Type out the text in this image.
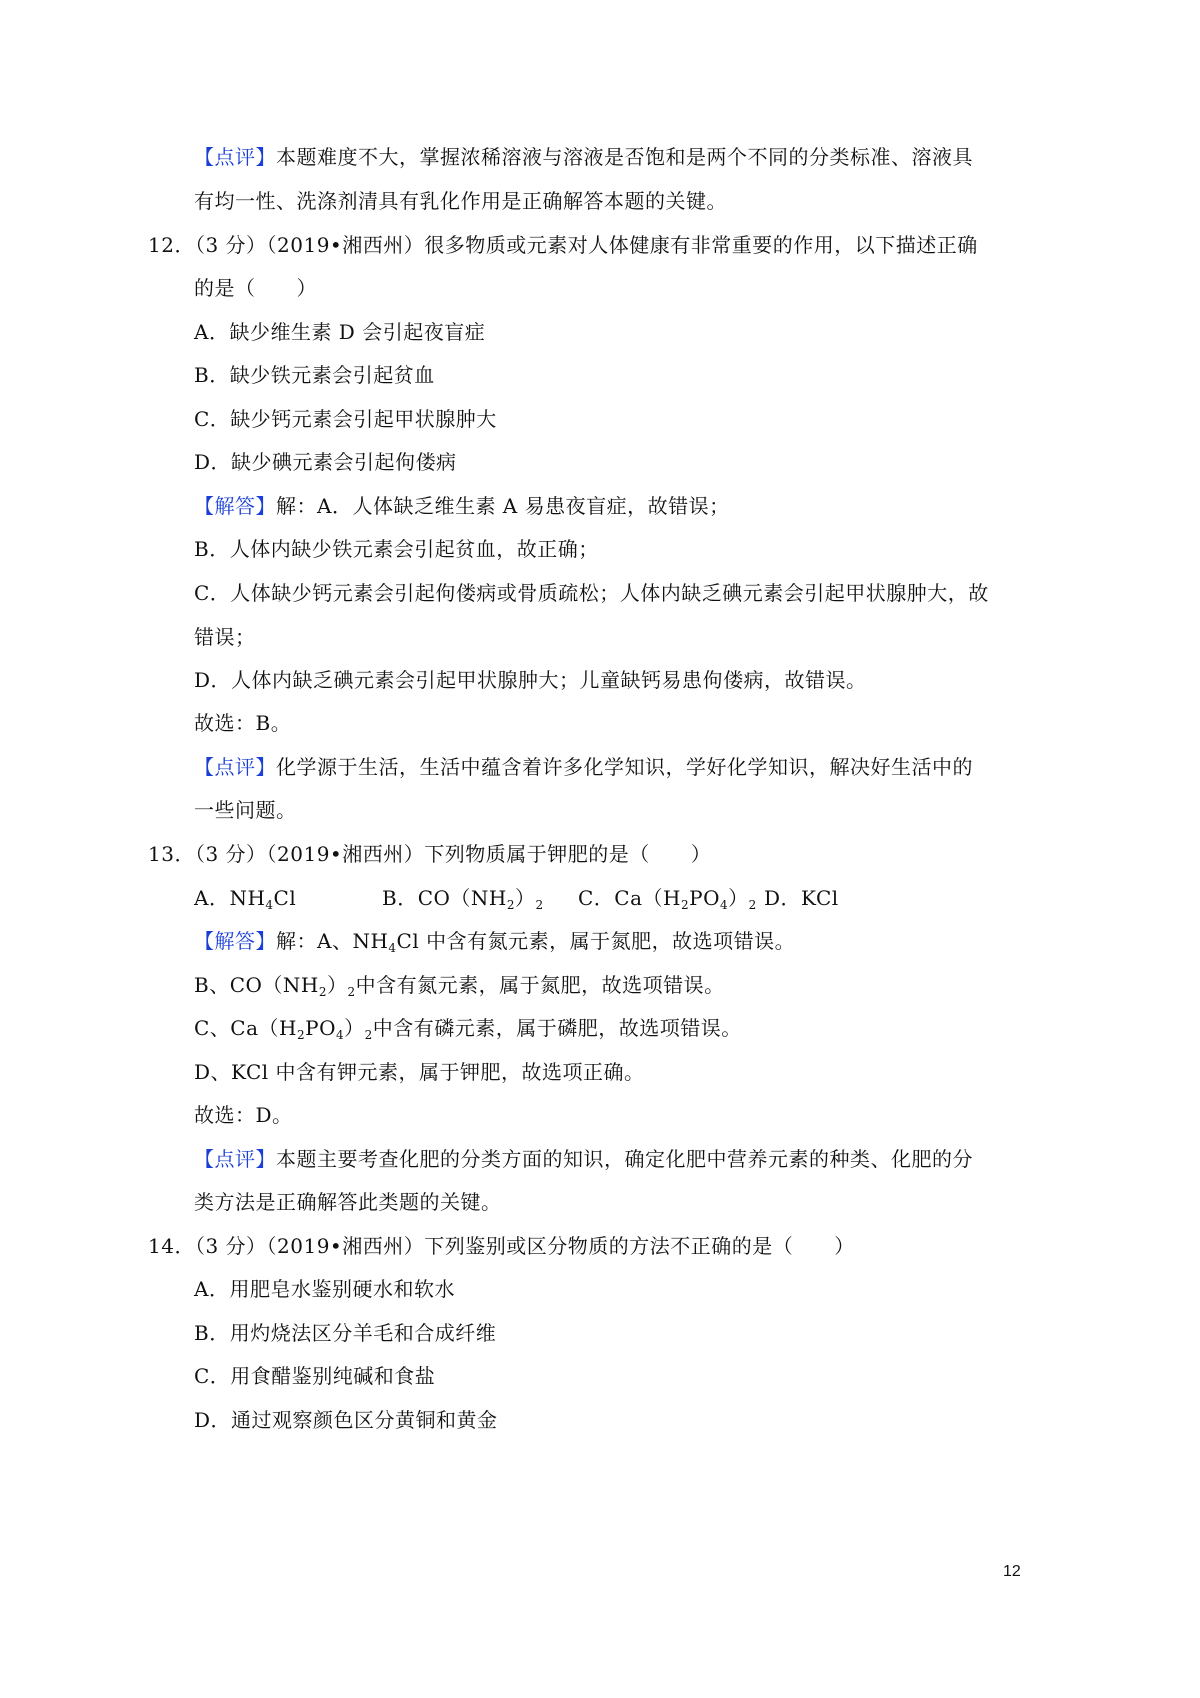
【点评】本题难度不大，掌握浓稀溶液与溶液是否饱和是两个不同的分类标准、溶液具
有均一性、洗涤剂清具有乳化作用是正确解答本题的关键。
12．（3 分）（2019•湘西州）很多物质或元素对人体健康有非常重要的作用，以下描述正确
的是（　　）
A．缺少维生素 D 会引起夜盲症
B．缺少铁元素会引起贫血
C．缺少钙元素会引起甲状腺肿大
D．缺少碘元素会引起佝偻病
【解答】解：A．人体缺乏维生素 A 易患夜盲症，故错误；
B．人体内缺少铁元素会引起贫血，故正确；
C．人体缺少钙元素会引起佝偻病或骨质疏松；人体内缺乏碘元素会引起甲状腺肿大，故
错误；
D．人体内缺乏碘元素会引起甲状腺肿大；儿童缺钙易患佝偻病，故错误。
故选：B。
【点评】化学源于生活，生活中蕴含着许多化学知识，学好化学知识，解决好生活中的
一些问题。
13．（3 分）（2019•湘西州）下列物质属于钾肥的是（　　）
A．$NH_4Cl$	B．$CO(NH_2)_2$ C．$Ca(H_2PO_4)_2$ D．KCl
【解答】解：A、$NH_4Cl$ 中含有氮元素，属于氮肥，故选项错误。
B、$CO(NH_2)_2$中含有氮元素，属于氮肥，故选项错误。
C、$Ca(H_2PO_4)_2$中含有磷元素，属于磷肥，故选项错误。
D、KCl 中含有钾元素，属于钾肥，故选项正确。
故选：D。
【点评】本题主要考查化肥的分类方面的知识，确定化肥中营养元素的种类、化肥的分
类方法是正确解答此类题的关键。
14．（3 分）（2019•湘西州）下列鉴别或区分物质的方法不正确的是（　　）
A．用肥皂水鉴别硬水和软水
B．用灼烧法区分羊毛和合成纤维
C．用食醋鉴别纯碱和食盐
D．通过观察颜色区分黄铜和黄金
12
